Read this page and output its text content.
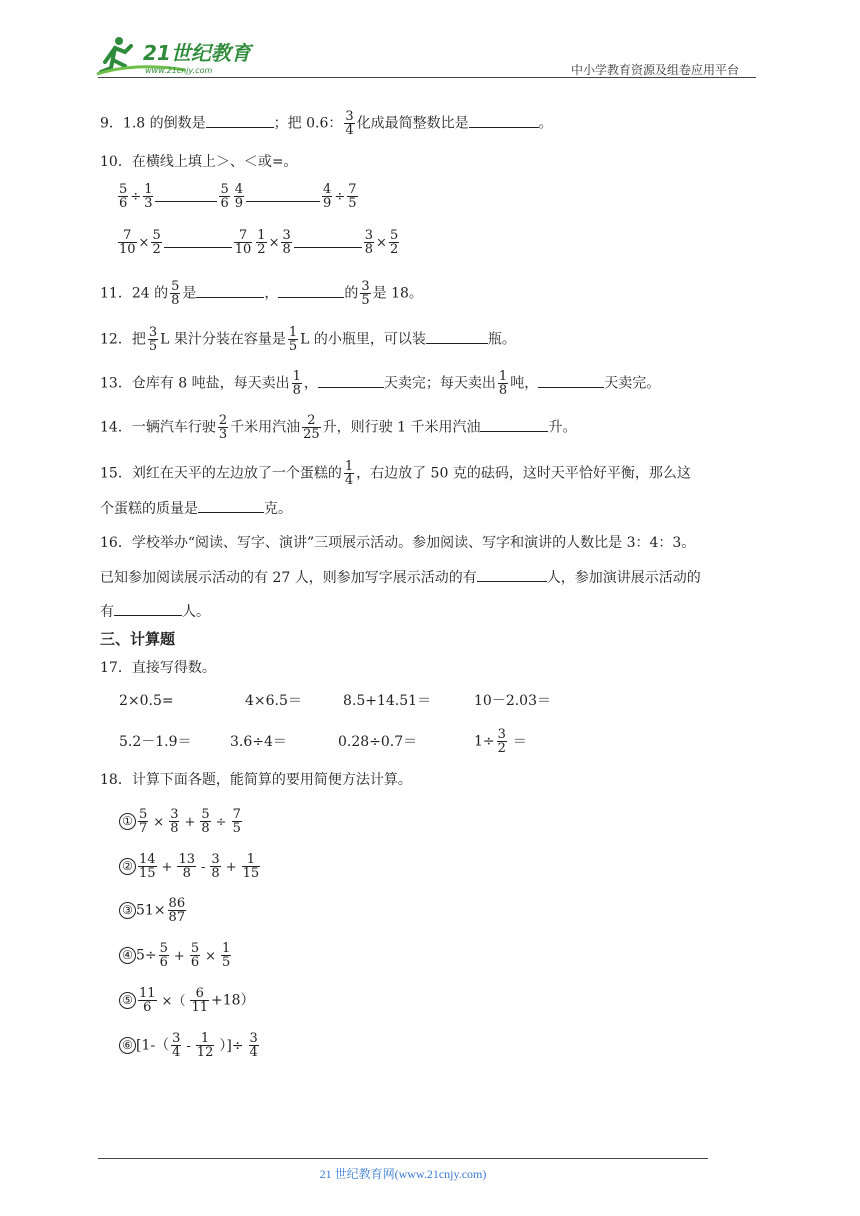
21世纪教育
www.21cnjy.com	中小学教育资源及组卷应用平台
9．1.8 的倒数是	；把 0.6： $\frac{3}{4}$ 化成最简整数比是	。
10．在横线上填上＞、＜或=。
$\frac{5}{6} \div \frac{1}{3}$	$\frac{5}{6} \frac{4}{9}$	$\frac{4}{9} \div \frac{7}{5}$
$\frac{7}{10} \times \frac{5}{2}$	$\frac{7}{10} \frac{1}{2} \times \frac{3}{8}$	$\frac{3}{8} \times \frac{5}{2}$
11．24 的 $\frac{5}{8}$ 是	，	的 $\frac{3}{5}$ 是 18。
12．把 $\frac{3}{5}$ L 果汁分装在容量是 $\frac{1}{5}$ L 的小瓶里，可以装	瓶。
13．仓库有 8 吨盐，每天卖出 $\frac{1}{8}$ ，	天卖完；每天卖出 $\frac{1}{8}$ 吨，	天卖完。
14．一辆汽车行驶 $\frac{2}{3}$ 千米用汽油 $\frac{2}{25}$ 升，则行驶 1 千米用汽油	升。
15．刘红在天平的左边放了一个蛋糕的 $\frac{1}{4}$ ，右边放了 50 克的砝码，这时天平恰好平衡，那么这
个蛋糕的质量是	克。
16．学校举办“阅读、写字、演讲”三项展示活动。参加阅读、写字和演讲的人数比是 3：4：3。
已知参加阅读展示活动的有 27 人，则参加写字展示活动的有	人，参加演讲展示活动的
有	人。
三、计算题
17．直接写得数。
2×0.5=	4×6.5＝	8.5+14.51＝	10－2.03＝
5.2－1.9＝	3.6÷4＝	0.28÷0.7＝	$1\div \frac{3}{2}$ ＝
18．计算下面各题，能简算的要用简便方法计算。
① $\frac{5}{7} \times \frac{3}{8} + \frac{5}{8} \div \frac{7}{5}$
② $\frac{14}{15} + \frac{13}{8} - \frac{3}{8} + \frac{1}{15}$
③ $51\times \frac{86}{87}$
④ $5\div \frac{5}{6} + \frac{5}{6} \times \frac{1}{5}$
⑤ $\frac{11}{6}$ ×（ $\frac{6}{11} +18$）
⑥ [$1-( \frac{3}{4} - \frac{1}{12}$ ）]÷ $\frac{3}{4}$
21 世纪教育网(www.21cnjy.com)
